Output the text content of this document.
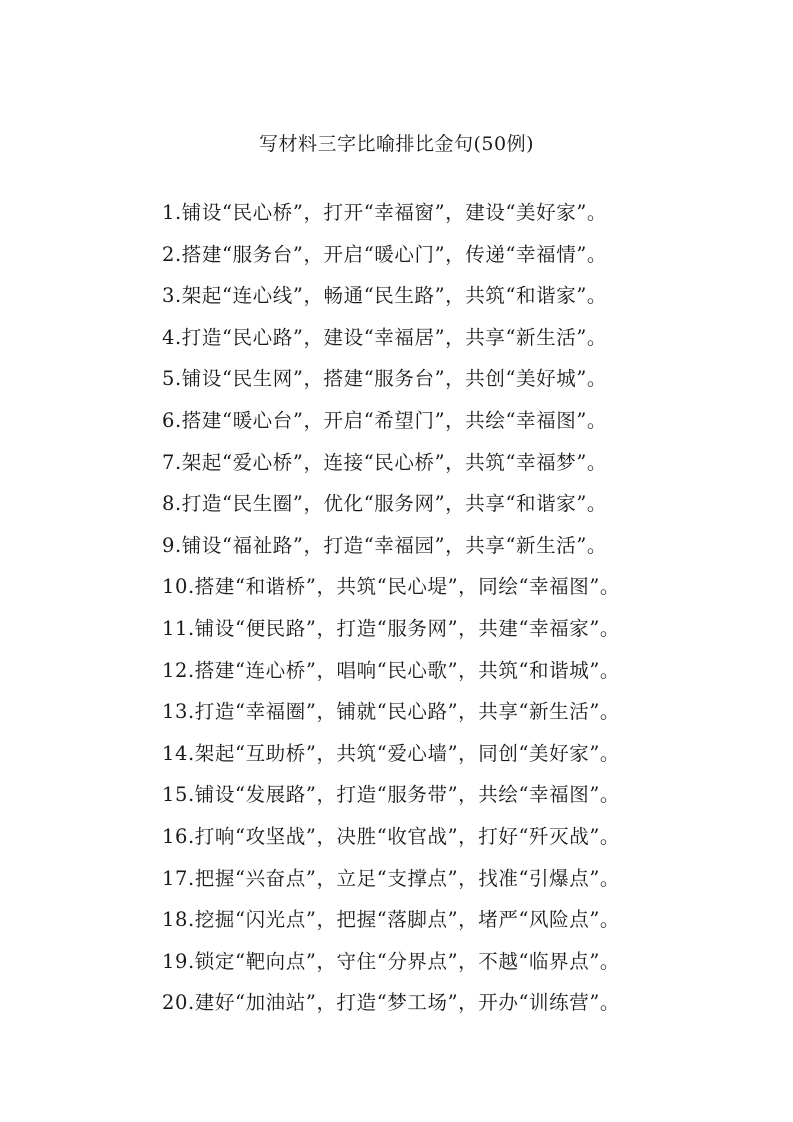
写材料三字比喻排比金句(50例)
1.铺设“民心桥”，打开“幸福窗”，建设“美好家”。
2.搭建“服务台”，开启“暖心门”，传递“幸福情”。
3.架起“连心线”，畅通“民生路”，共筑“和谐家”。
4.打造“民心路”，建设“幸福居”，共享“新生活”。
5.铺设“民生网”，搭建“服务台”，共创“美好城”。
6.搭建“暖心台”，开启“希望门”，共绘“幸福图”。
7.架起“爱心桥”，连接“民心桥”，共筑“幸福梦”。
8.打造“民生圈”，优化“服务网”，共享“和谐家”。
9.铺设“福祉路”，打造“幸福园”，共享“新生活”。
10.搭建“和谐桥”，共筑“民心堤”，同绘“幸福图”。
11.铺设“便民路”，打造“服务网”，共建“幸福家”。
12.搭建“连心桥”，唱响“民心歌”，共筑“和谐城”。
13.打造“幸福圈”，铺就“民心路”，共享“新生活”。
14.架起“互助桥”，共筑“爱心墙”，同创“美好家”。
15.铺设“发展路”，打造“服务带”，共绘“幸福图”。
16.打响“攻坚战”，决胜“收官战”，打好“歼灭战”。
17.把握“兴奋点”，立足“支撑点”，找准“引爆点”。
18.挖掘“闪光点”，把握“落脚点”，堵严“风险点”。
19.锁定“靶向点”，守住“分界点”，不越“临界点”。
20.建好“加油站”，打造“梦工场”，开办“训练营”。
